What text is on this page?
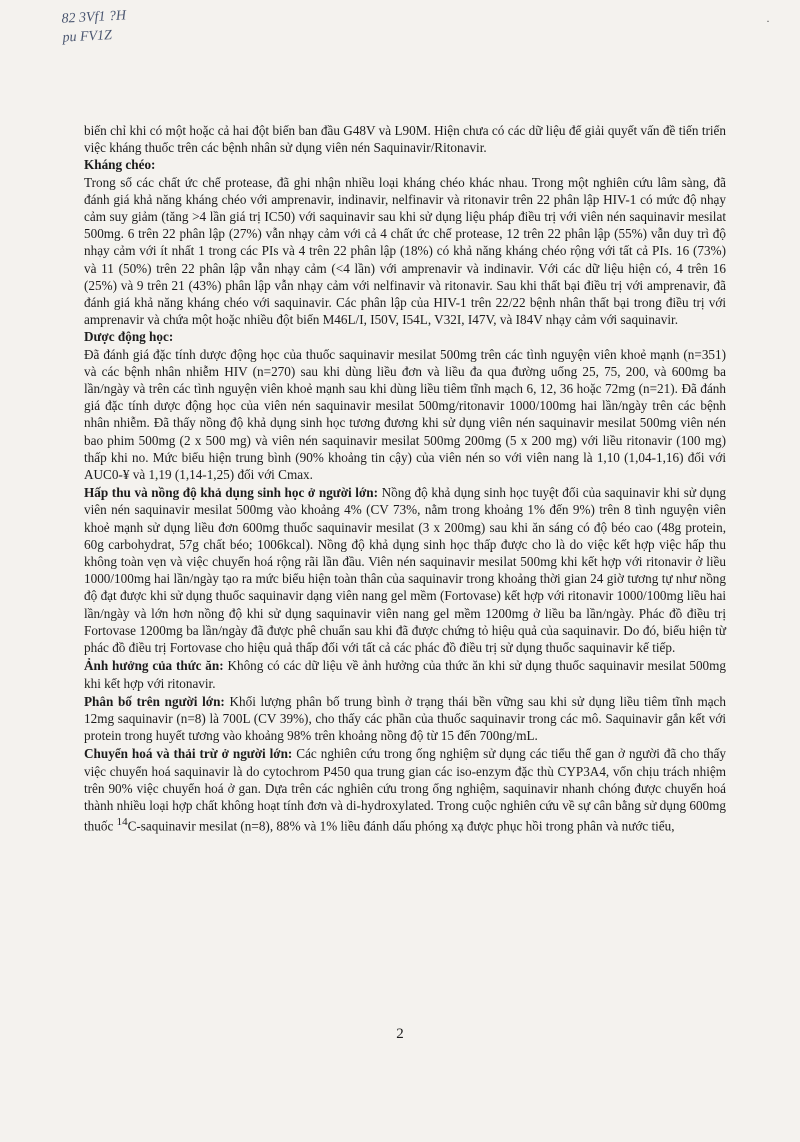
82 3Vf1 ?H
pu FV1Z
·

biến chỉ khi có một hoặc cả hai đột biến ban đầu G48V và L90M. Hiện chưa có các dữ liệu để giải quyết vấn đề tiến triển việc kháng thuốc trên các bệnh nhân sử dụng viên nén Saquinavir/Ritonavir.

Kháng chéo:

Trong số các chất ức chế protease, đã ghi nhận nhiều loại kháng chéo khác nhau. Trong một nghiên cứu lâm sàng, đã đánh giá khả năng kháng chéo với amprenavir, indinavir, nelfinavir và ritonavir trên 22 phân lập HIV-1 có mức độ nhạy cảm suy giảm (tăng >4 lần giá trị IC50) với saquinavir sau khi sử dụng liệu pháp điều trị với viên nén saquinavir mesilat 500mg. 6 trên 22 phân lập (27%) vẫn nhạy cảm với cả 4 chất ức chế protease, 12 trên 22 phân lập (55%) vẫn duy trì độ nhạy cảm với ít nhất 1 trong các PIs và 4 trên 22 phân lập (18%) có khả năng kháng chéo rộng với tất cả PIs. 16 (73%) và 11 (50%) trên 22 phân lập vẫn nhạy cảm (<4 lần) với amprenavir và indinavir. Với các dữ liệu hiện có, 4 trên 16 (25%) và 9 trên 21 (43%) phân lập vẫn nhạy cảm với nelfinavir và ritonavir. Sau khi thất bại điều trị với amprenavir, đã đánh giá khả năng kháng chéo với saquinavir. Các phân lập của HIV-1 trên 22/22 bệnh nhân thất bại trong điều trị với amprenavir và chứa một hoặc nhiều đột biến M46L/I, I50V, I54L, V32I, I47V, và I84V nhạy cảm với saquinavir.

Dược động học:

Đã đánh giá đặc tính dược động học của thuốc saquinavir mesilat 500mg trên các tình nguyện viên khoẻ mạnh (n=351) và các bệnh nhân nhiễm HIV (n=270) sau khi dùng liều đơn và liều đa qua đường uống 25, 75, 200, và 600mg ba lần/ngày và trên các tình nguyện viên khoẻ mạnh sau khi dùng liều tiêm tĩnh mạch 6, 12, 36 hoặc 72mg (n=21). Đã đánh giá đặc tính dược động học của viên nén saquinavir mesilat 500mg/ritonavir 1000/100mg hai lần/ngày trên các bệnh nhân nhiễm. Đã thấy nồng độ khả dụng sinh học tương đương khi sử dụng viên nén saquinavir mesilat 500mg viên nén bao phim 500mg (2 x 500 mg) và viên nén saquinavir mesilat 500mg 200mg (5 x 200 mg) với liều ritonavir (100 mg) thấp khi no. Mức biểu hiện trung bình (90% khoảng tin cậy) của viên nén so với viên nang là 1,10 (1,04-1,16) đối với AUC0-¥ và 1,19 (1,14-1,25) đối với Cmax.

Hấp thu và nồng độ khả dụng sinh học ở người lớn: Nồng độ khả dụng sinh học tuyệt đối của saquinavir khi sử dụng viên nén saquinavir mesilat 500mg vào khoảng 4% (CV 73%, nằm trong khoảng 1% đến 9%) trên 8 tình nguyện viên khoẻ mạnh sử dụng liều đơn 600mg thuốc saquinavir mesilat (3 x 200mg) sau khi ăn sáng có độ béo cao (48g protein, 60g carbohydrat, 57g chất béo; 1006kcal). Nồng độ khả dụng sinh học thấp được cho là do việc kết hợp việc hấp thu không toàn vẹn và việc chuyển hoá rộng rãi lần đầu. Viên nén saquinavir mesilat 500mg khi kết hợp với ritonavir ở liều 1000/100mg hai lần/ngày tạo ra mức biểu hiện toàn thân của saquinavir trong khoảng thời gian 24 giờ tương tự như nồng độ đạt được khi sử dụng thuốc saquinavir dạng viên nang gel mềm (Fortovase) kết hợp với ritonavir 1000/100mg liều hai lần/ngày và lớn hơn nồng độ khi sử dụng saquinavir viên nang gel mềm 1200mg ở liều ba lần/ngày. Phác đồ điều trị Fortovase 1200mg ba lần/ngày đã được phê chuẩn sau khi đã được chứng tỏ hiệu quả của saquinavir. Do đó, biểu hiện từ phác đồ điều trị Fortovase cho hiệu quả thấp đối với tất cả các phác đồ điều trị sử dụng thuốc saquinavir kế tiếp.

Ảnh hưởng của thức ăn: Không có các dữ liệu về ảnh hưởng của thức ăn khi sử dụng thuốc saquinavir mesilat 500mg khi kết hợp với ritonavir.

Phân bố trên người lớn: Khối lượng phân bố trung bình ở trạng thái bền vững sau khi sử dụng liều tiêm tĩnh mạch 12mg saquinavir (n=8) là 700L (CV 39%), cho thấy các phần của thuốc saquinavir trong các mô. Saquinavir gắn kết với protein trong huyết tương vào khoảng 98% trên khoảng nồng độ từ 15 đến 700ng/mL.

Chuyển hoá và thải trừ ở người lớn: Các nghiên cứu trong ống nghiệm sử dụng các tiểu thể gan ở người đã cho thấy việc chuyển hoá saquinavir là do cytochrom P450 qua trung gian các iso-enzym đặc thù CYP3A4, vốn chịu trách nhiệm trên 90% việc chuyển hoá ở gan. Dựa trên các nghiên cứu trong ống nghiệm, saquinavir nhanh chóng được chuyển hoá thành nhiều loại hợp chất không hoạt tính đơn và di-hydroxylated. Trong cuộc nghiên cứu về sự cân bằng sử dụng 600mg thuốc $^{14}$C-saquinavir mesilat (n=8), 88% và 1% liều đánh dấu phóng xạ được phục hồi trong phân và nước tiểu,

2
